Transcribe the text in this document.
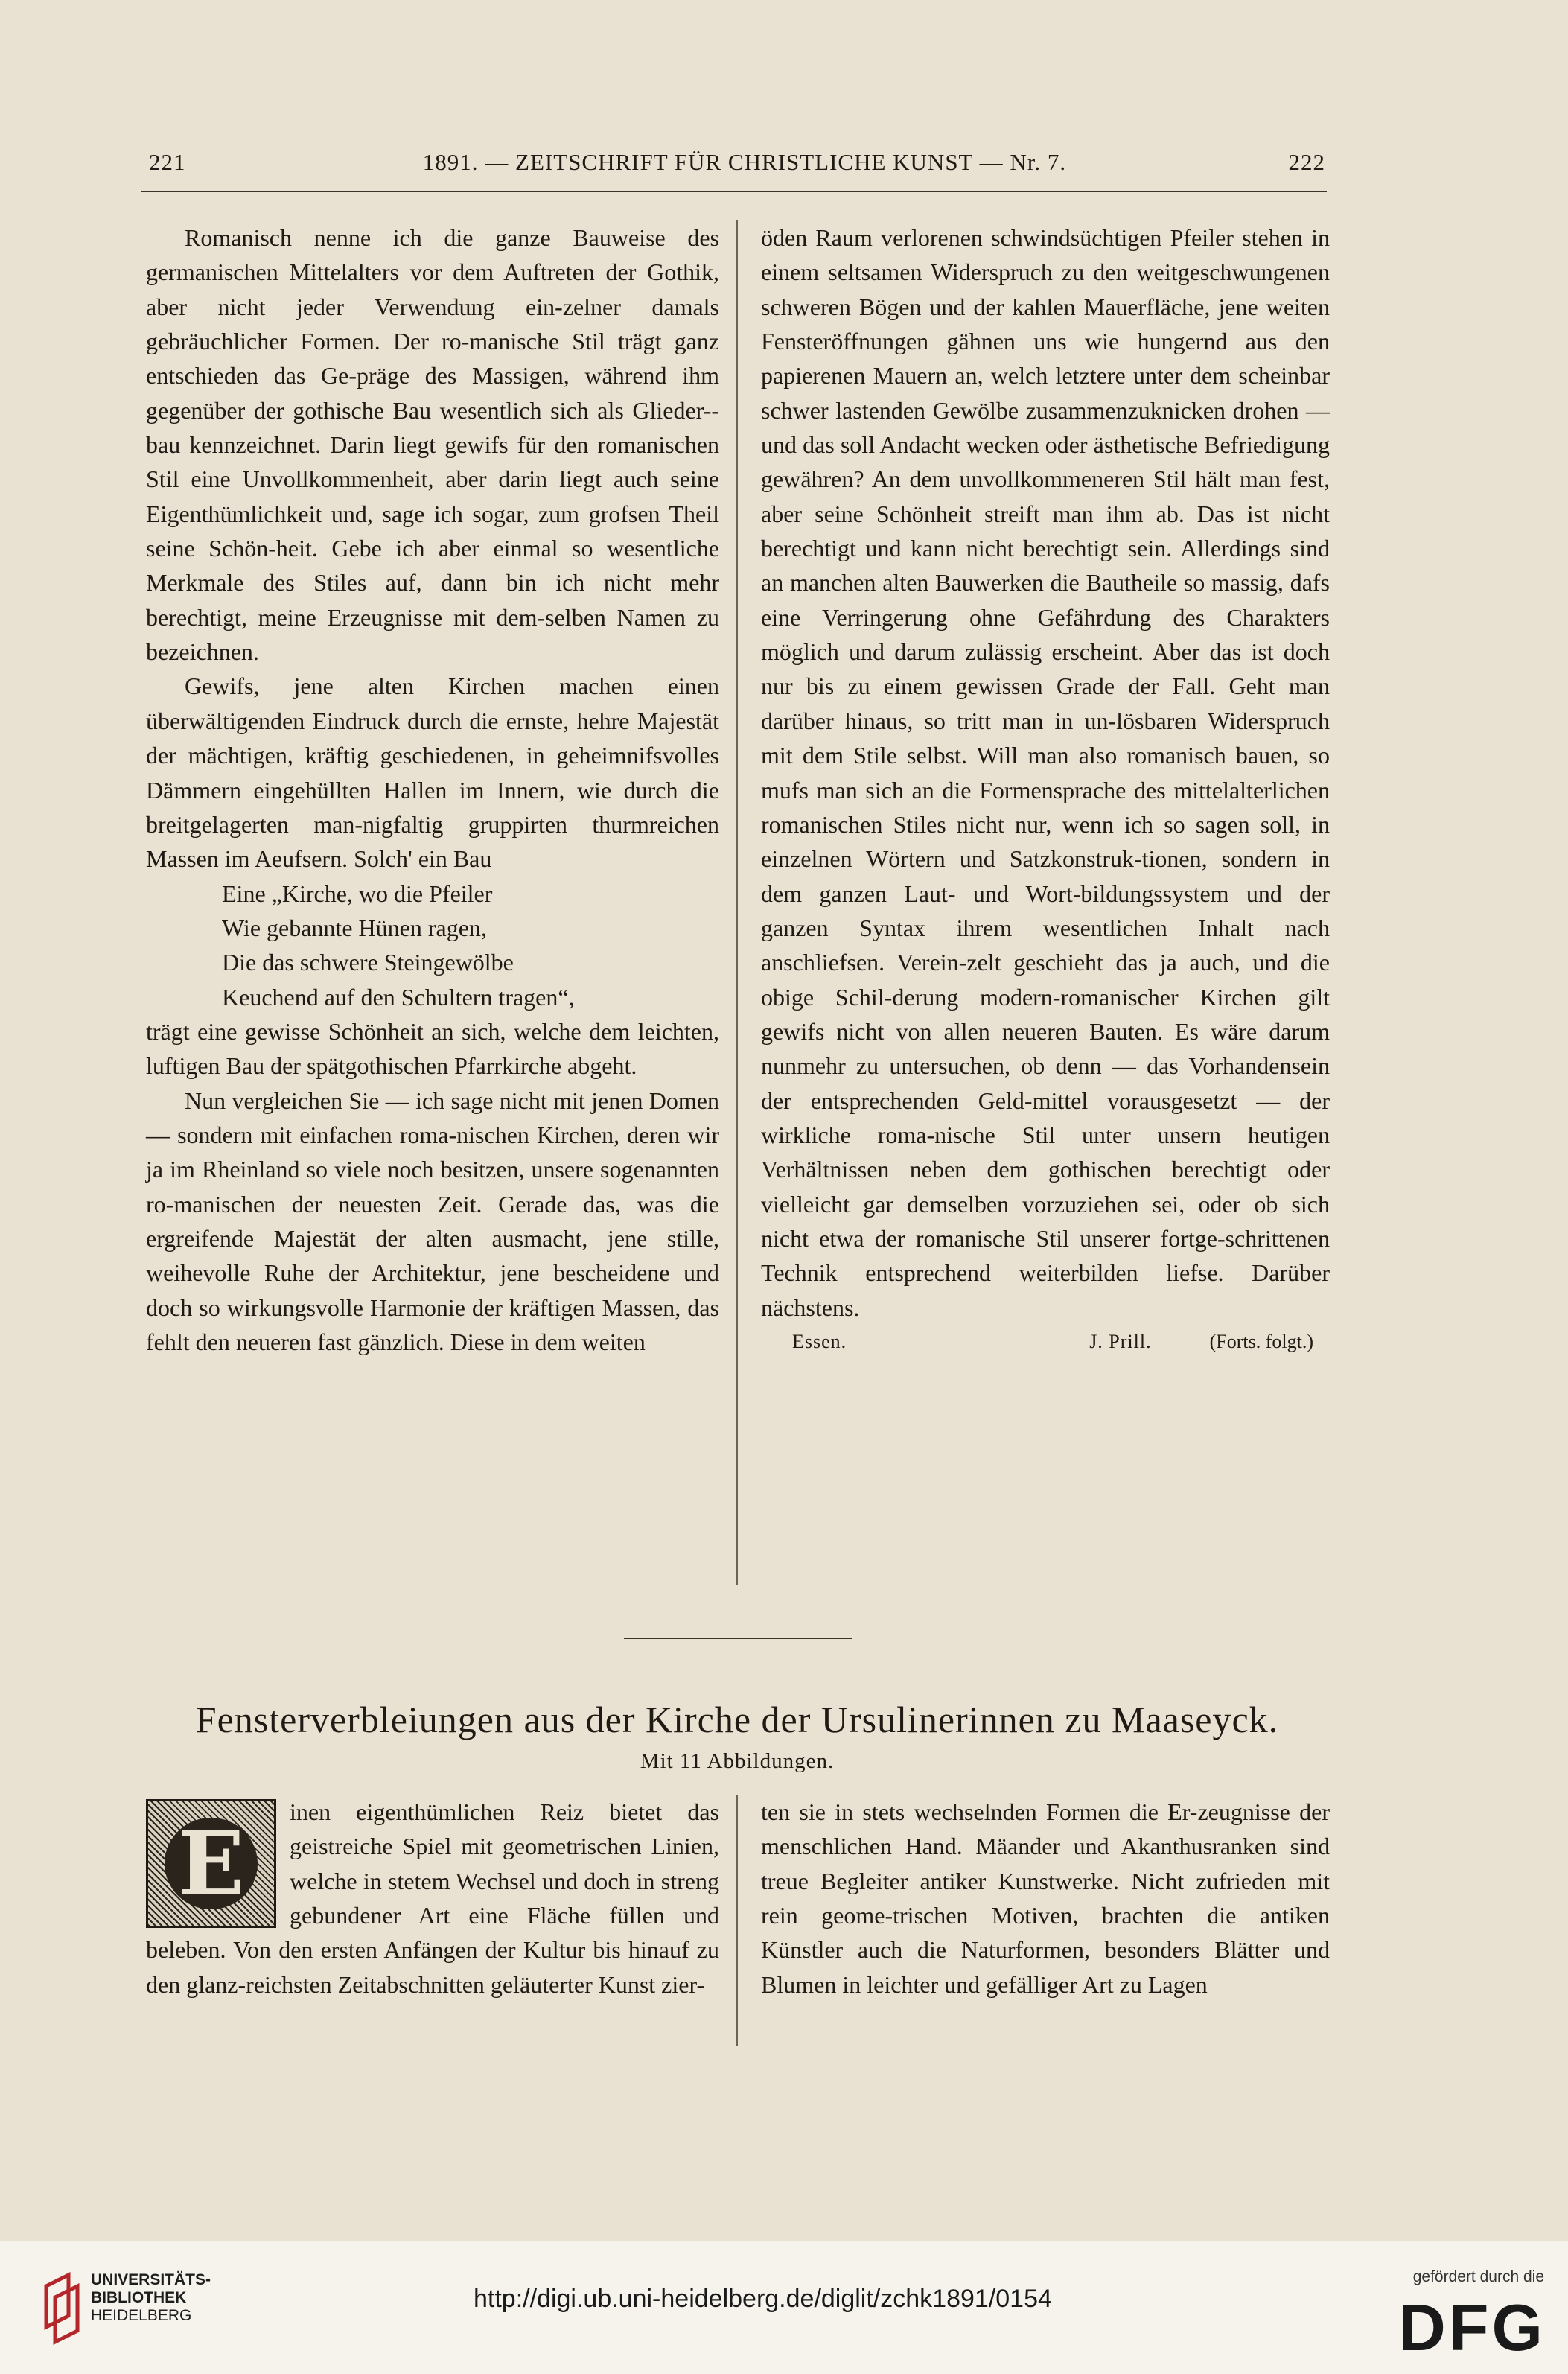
221	1891. — ZEITSCHRIFT FÜR CHRISTLICHE KUNST — Nr. 7.	222

Romanisch nenne ich die ganze Bauweise des germanischen Mittelalters vor dem Auftreten der Gothik, aber nicht jeder Verwendung ein-zelner damals gebräuchlicher Formen. Der ro-manische Stil trägt ganz entschieden das Ge-präge des Massigen, während ihm gegenüber der gothische Bau wesentlich sich als Glieder-bau kennzeichnet. Darin liegt gewifs für den romanischen Stil eine Unvollkommenheit, aber darin liegt auch seine Eigenthümlichkeit und, sage ich sogar, zum grofsen Theil seine Schön-heit. Gebe ich aber einmal so wesentliche Merkmale des Stiles auf, dann bin ich nicht mehr berechtigt, meine Erzeugnisse mit dem-selben Namen zu bezeichnen.

Gewifs, jene alten Kirchen machen einen überwältigenden Eindruck durch die ernste, hehre Majestät der mächtigen, kräftig geschiedenen, in geheimnifsvolles Dämmern eingehüllten Hallen im Innern, wie durch die breitgelagerten man-nigfaltig gruppirten thurmreichen Massen im Aeufsern. Solch' ein Bau

Eine „Kirche, wo die Pfeiler

Wie gebannte Hünen ragen,

Die das schwere Steingewölbe

Keuchend auf den Schultern tragen“,

trägt eine gewisse Schönheit an sich, welche dem leichten, luftigen Bau der spätgothischen Pfarrkirche abgeht.

Nun vergleichen Sie — ich sage nicht mit jenen Domen — sondern mit einfachen roma-nischen Kirchen, deren wir ja im Rheinland so viele noch besitzen, unsere sogenannten ro-manischen der neuesten Zeit. Gerade das, was die ergreifende Majestät der alten ausmacht, jene stille, weihevolle Ruhe der Architektur, jene bescheidene und doch so wirkungsvolle Harmonie der kräftigen Massen, das fehlt den neueren fast gänzlich. Diese in dem weiten

öden Raum verlorenen schwindsüchtigen Pfeiler stehen in einem seltsamen Widerspruch zu den weitgeschwungenen schweren Bögen und der kahlen Mauerfläche, jene weiten Fensteröffnungen gähnen uns wie hungernd aus den papierenen Mauern an, welch letztere unter dem scheinbar schwer lastenden Gewölbe zusammenzuknicken drohen — und das soll Andacht wecken oder ästhetische Befriedigung gewähren? An dem unvollkommeneren Stil hält man fest, aber seine Schönheit streift man ihm ab. Das ist nicht berechtigt und kann nicht berechtigt sein. Allerdings sind an manchen alten Bauwerken die Bautheile so massig, dafs eine Verringerung ohne Gefährdung des Charakters möglich und darum zulässig erscheint. Aber das ist doch nur bis zu einem gewissen Grade der Fall. Geht man darüber hinaus, so tritt man in un-lösbaren Widerspruch mit dem Stile selbst. Will man also romanisch bauen, so mufs man sich an die Formensprache des mittelalterlichen romanischen Stiles nicht nur, wenn ich so sagen soll, in einzelnen Wörtern und Satzkonstruk-tionen, sondern in dem ganzen Laut- und Wort-bildungssystem und der ganzen Syntax ihrem wesentlichen Inhalt nach anschliefsen. Verein-zelt geschieht das ja auch, und die obige Schil-derung modern-romanischer Kirchen gilt gewifs nicht von allen neueren Bauten. Es wäre darum nunmehr zu untersuchen, ob denn — das Vorhandensein der entsprechenden Geld-mittel vorausgesetzt — der wirkliche roma-nische Stil unter unsern heutigen Verhältnissen neben dem gothischen berechtigt oder vielleicht gar demselben vorzuziehen sei, oder ob sich nicht etwa der romanische Stil unserer fortge-schrittenen Technik entsprechend weiterbilden liefse. Darüber nächstens.

(Forts. folgt.)

Essen.	J. Prill.
Fensterverbleiungen aus der Kirche der Ursulinerinnen zu Maaseyck.
Mit 11 Abbildungen.
E	inen eigenthümlichen Reiz bietet das geistreiche Spiel mit geometrischen Linien, welche in stetem Wechsel und doch in streng gebundener Art eine Fläche füllen und beleben. Von den ersten Anfängen der Kultur bis hinauf zu den glanz-reichsten Zeitabschnitten geläuterter Kunst zier-

ten sie in stets wechselnden Formen die Er-zeugnisse der menschlichen Hand. Mäander und Akanthusranken sind treue Begleiter antiker Kunstwerke. Nicht zufrieden mit rein geome-trischen Motiven, brachten die antiken Künstler auch die Naturformen, besonders Blätter und Blumen in leichter und gefälliger Art zu Lagen

UNIVERSITÄTS-
BIBLIOTHEK
HEIDELBERG
http://digi.ub.uni-heidelberg.de/diglit/zchk1891/0154
gefördert durch die
DFG
